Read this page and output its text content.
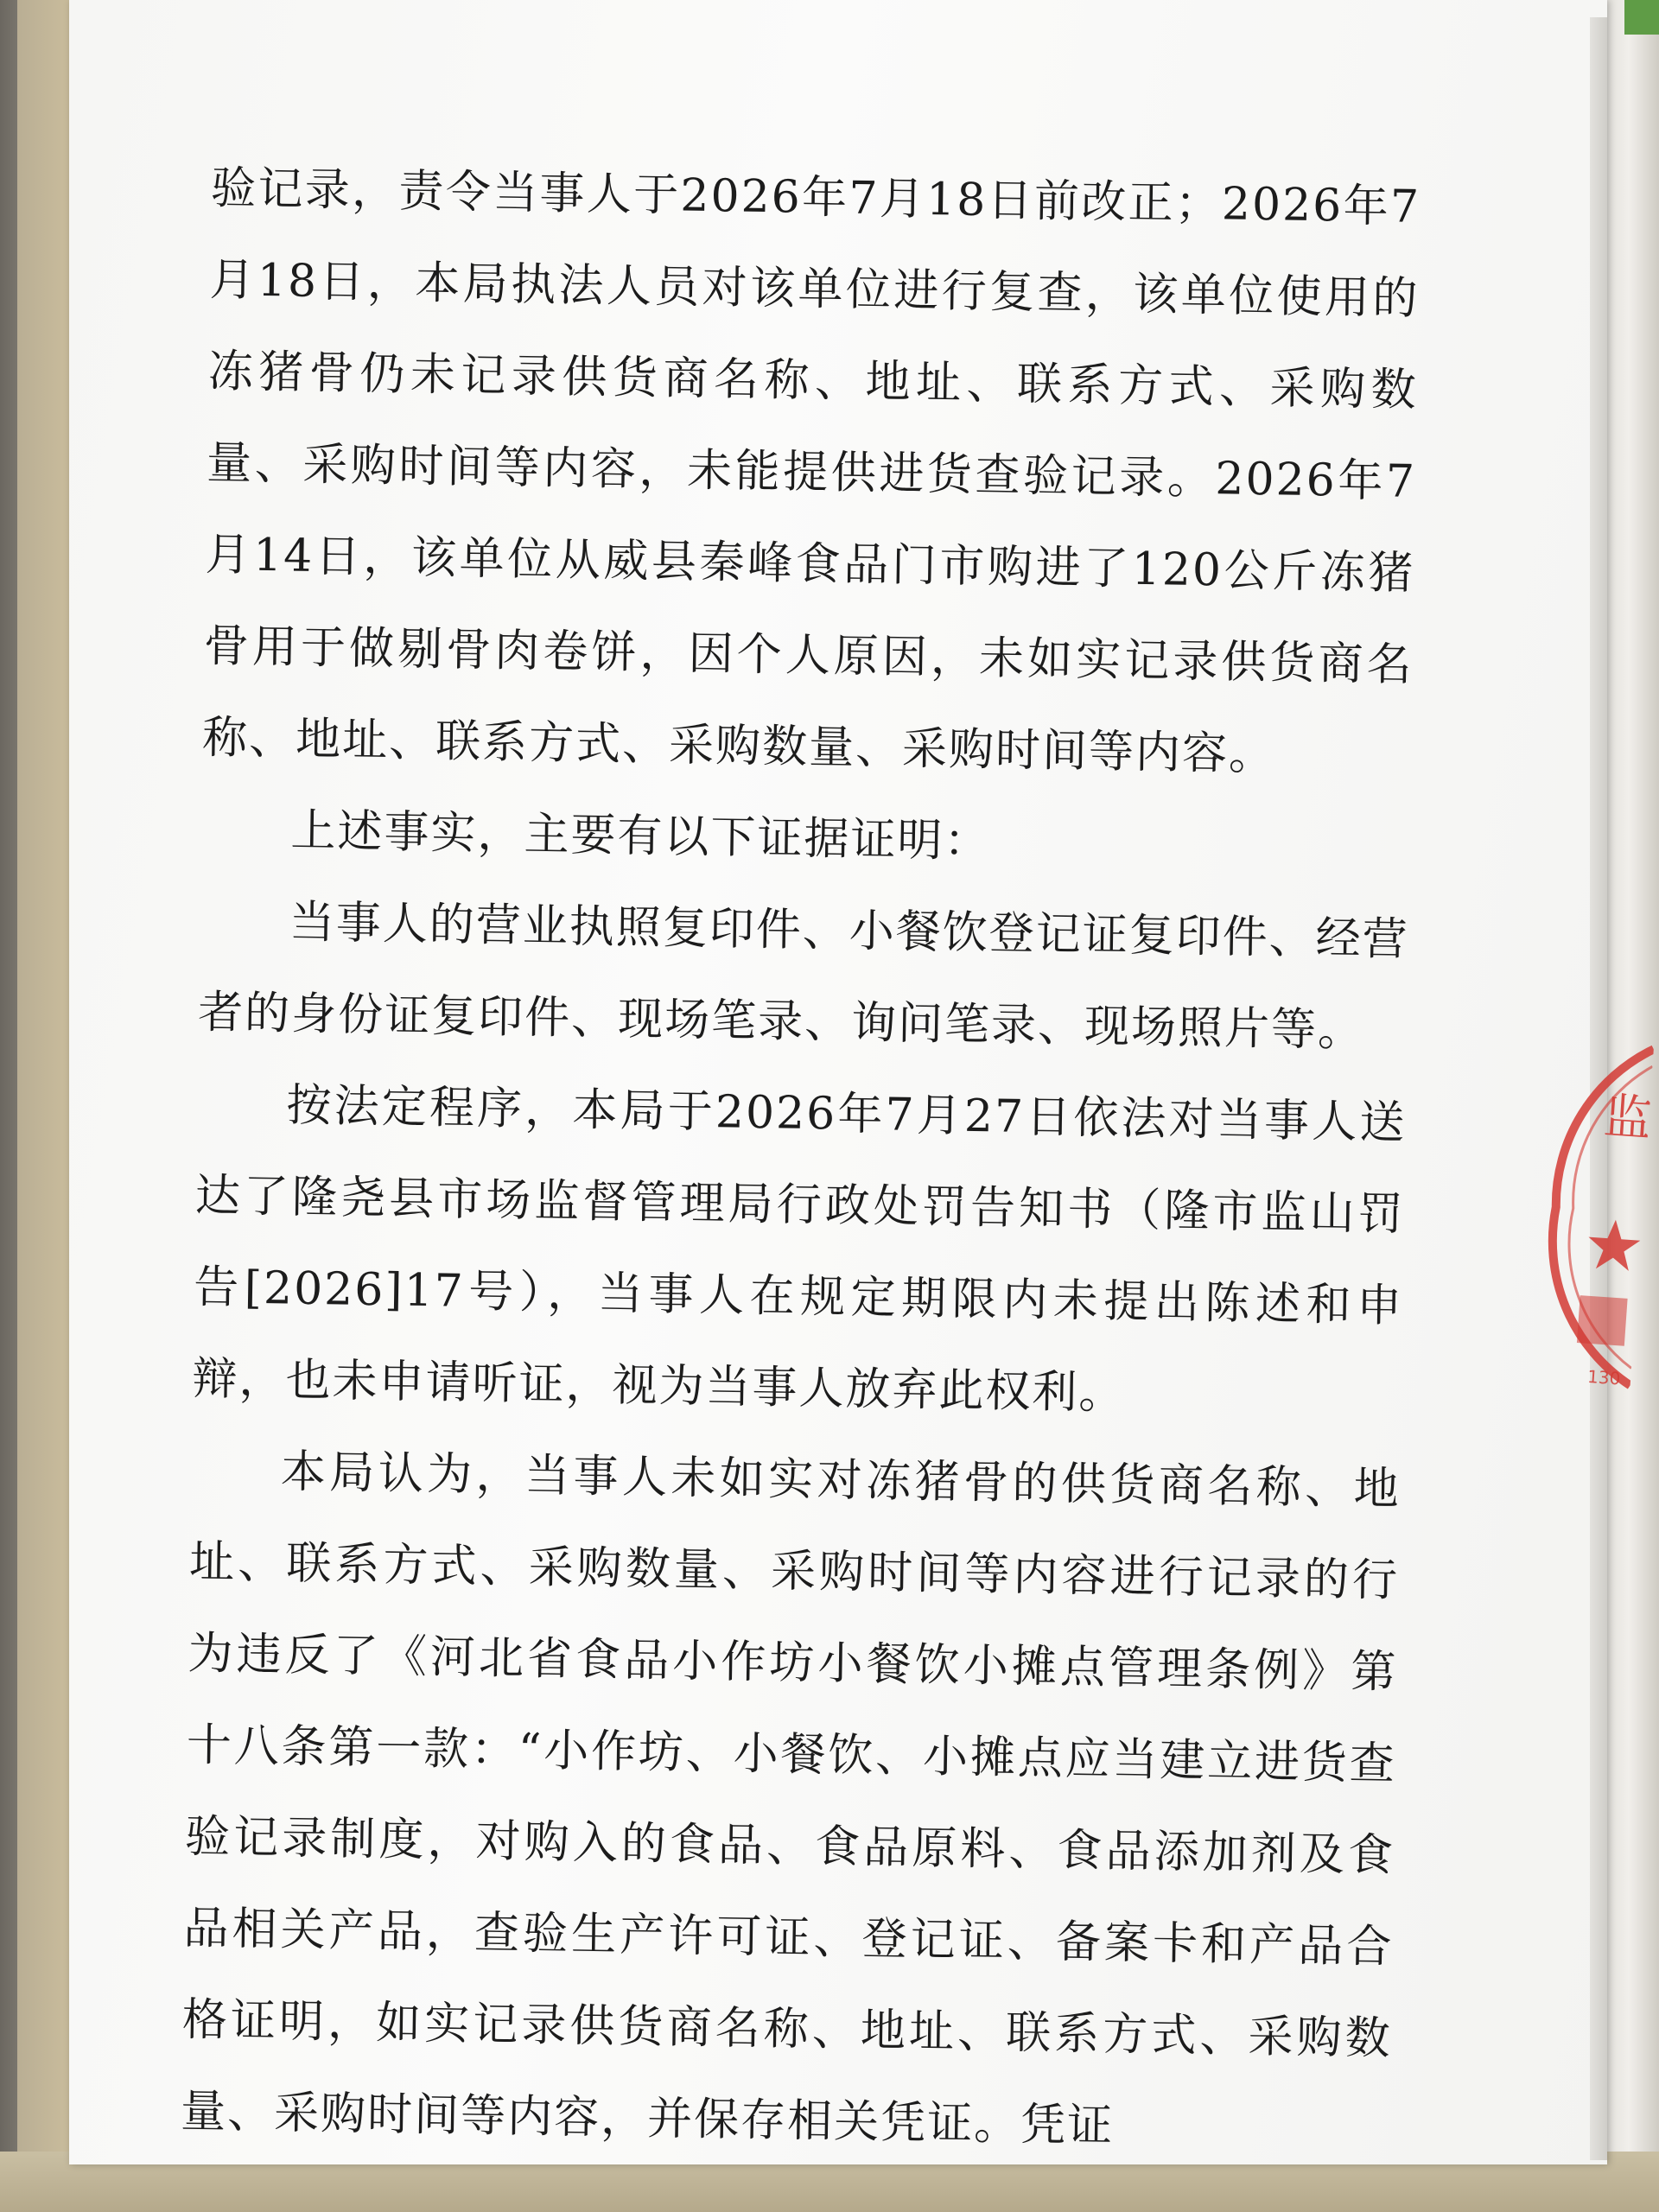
验记录，责令当事人于2026年7月18日前改正；2026年7月18日，本局执法人员对该单位进行复查，该单位使用的冻猪骨仍未记录供货商名称、地址、联系方式、采购数量、采购时间等内容，未能提供进货查验记录。2026年7月14日，该单位从威县秦峰食品门市购进了120公斤冻猪骨用于做剔骨肉卷饼，因个人原因，未如实记录供货商名称、地址、联系方式、采购数量、采购时间等内容。

上述事实，主要有以下证据证明：

当事人的营业执照复印件、小餐饮登记证复印件、经营者的身份证复印件、现场笔录、询问笔录、现场照片等。

按法定程序，本局于2026年7月27日依法对当事人送达了隆尧县市场监督管理局行政处罚告知书（隆市监山罚告[2026]17号），当事人在规定期限内未提出陈述和申辩，也未申请听证，视为当事人放弃此权利。

本局认为，当事人未如实对冻猪骨的供货商名称、地址、联系方式、采购数量、采购时间等内容进行记录的行为违反了《河北省食品小作坊小餐饮小摊点管理条例》第十八条第一款：“小作坊、小餐饮、小摊点应当建立进货查验记录制度，对购入的食品、食品原料、食品添加剂及食品相关产品，查验生产许可证、登记证、备案卡和产品合格证明，如实记录供货商名称、地址、联系方式、采购数量、采购时间等内容，并保存相关凭证。凭证

监
130
